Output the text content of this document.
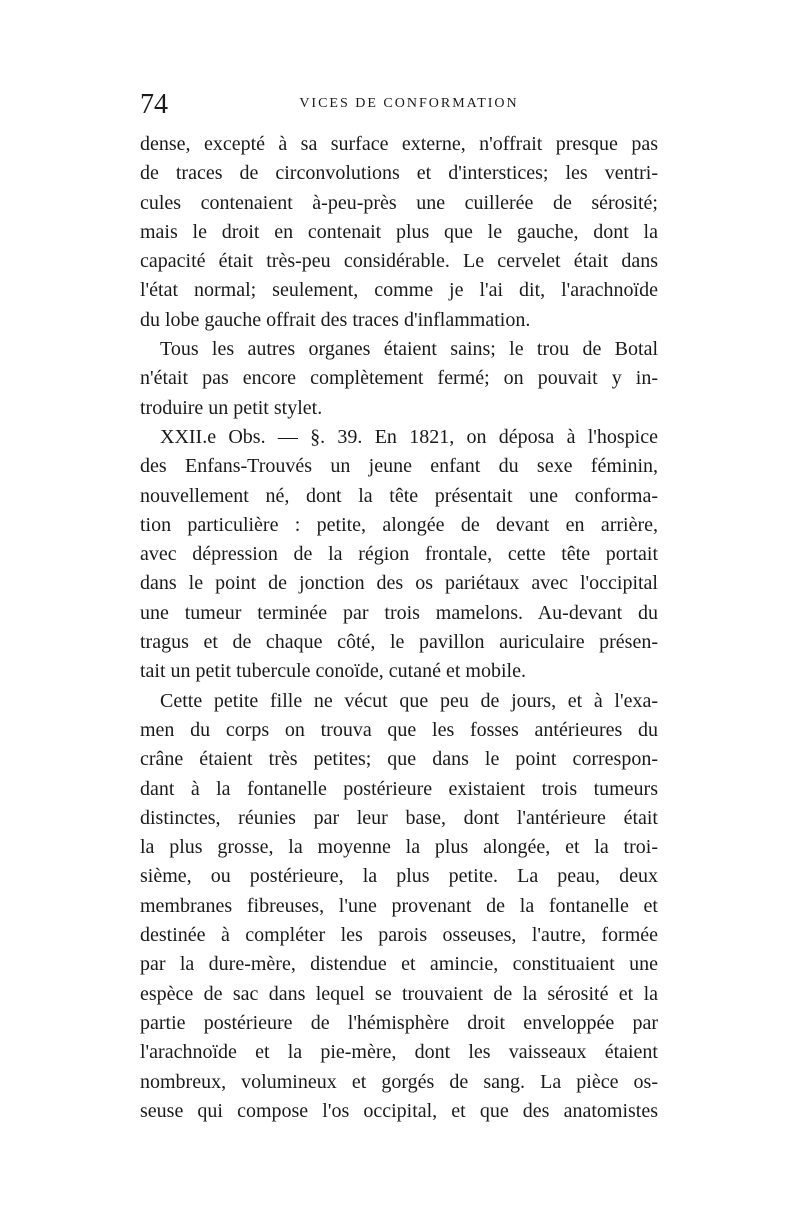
74	VICES DE CONFORMATION
dense, excepté à sa surface externe, n'offrait presque pas
de traces de circonvolutions et d'interstices; les ventri-
cules contenaient à-peu-près une cuillerée de sérosité;
mais le droit en contenait plus que le gauche, dont la
capacité était très-peu considérable. Le cervelet était dans
l'état normal; seulement, comme je l'ai dit, l'arachnoïde
du lobe gauche offrait des traces d'inflammation.
Tous les autres organes étaient sains; le trou de Botal
n'était pas encore complètement fermé; on pouvait y in-
troduire un petit stylet.
XXII.e Obs. — §. 39. En 1821, on déposa à l'hospice
des Enfans-Trouvés un jeune enfant du sexe féminin,
nouvellement né, dont la tête présentait une conforma-
tion particulière : petite, alongée de devant en arrière,
avec dépression de la région frontale, cette tête portait
dans le point de jonction des os pariétaux avec l'occipital
une tumeur terminée par trois mamelons. Au-devant du
tragus et de chaque côté, le pavillon auriculaire présen-
tait un petit tubercule conoïde, cutané et mobile.
Cette petite fille ne vécut que peu de jours, et à l'exa-
men du corps on trouva que les fosses antérieures du
crâne étaient très petites; que dans le point correspon-
dant à la fontanelle postérieure existaient trois tumeurs
distinctes, réunies par leur base, dont l'antérieure était
la plus grosse, la moyenne la plus alongée, et la troi-
sième, ou postérieure, la plus petite. La peau, deux
membranes fibreuses, l'une provenant de la fontanelle et
destinée à compléter les parois osseuses, l'autre, formée
par la dure-mère, distendue et amincie, constituaient une
espèce de sac dans lequel se trouvaient de la sérosité et la
partie postérieure de l'hémisphère droit enveloppée par
l'arachnoïde et la pie-mère, dont les vaisseaux étaient
nombreux, volumineux et gorgés de sang. La pièce os-
seuse qui compose l'os occipital, et que des anatomistes
